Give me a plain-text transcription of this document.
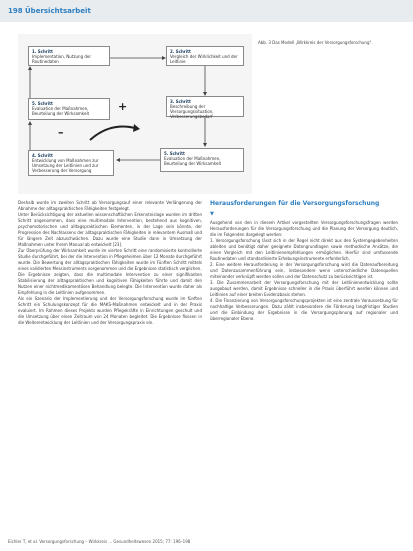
198 Übersichtsarbeit
1. Schritt
Implementation, Nutzung der Routinedaten
2. Schritt
Vergleich der Wirklichkeit und der Leitlinie
3. Schritt
Beschreibung der Versorgungssituation, Verbesserungsbedarf
5. Schritt
Evaluation der Maßnahmen, Beurteilung der Wirksamkeit
4. Schritt
Entwicklung von Maßnahmen zur Umsetzung der Leitlinien und zur Verbesserung der Versorgung
5. Schritt
Evaluation der Maßnahmen, Beurteilung der Wirksamkeit
+
–
Abb. 3 Das Modell „Wirkkreis der Versorgungsforschung".

Deshalb wurde im zweiten Schritt ab Versorgungsauf einer relevante Verlängerung der Abnahme der alltagspraktischen Fähigkeiten festgelegt.

Unter Berücksichtigung der aktuellen wissenschaftlichen Erkenntnislage wurden im dritten Schritt angenommen, dass eine multimodale Intervention, bestehend aus kognitiven, psychomotorischen und alltagspraktischen Elementen, in der Lage sein könnte, der Progression des Nachlassens der alltagspraktischen Fähigkeiten in relevantem Ausmaß und für längere Zeit abzuschwächen. Dazu wurde eine Studie dann in Umsetzung der Maßnahmen unter Ihrem Manual ab entwickelt [23].

Zur Überprüfung der Wirksamkeit wurde im vierten Schritt eine randomisierte kontrollierte Studie durchgeführt, bei der die Intervention in Pflegeheimen über 12 Monate durchgeführt wurde. Die Bewertung der alltagspraktischen Fähigkeiten wurde im Fünften Schritt mittels eines validierten Messinstruments vorgenommen und die Ergebnisse statistisch verglichen.

Die Ergebnisse zeigten, dass die multimodale Intervention zu einer signifikanten Stabilisierung der alltagspraktischen und kognitiven Fähigkeiten führte und damit den Nutzen einer nichtmedikamentösen Behandlung belegte. Die Intervention wurde daher als Empfehlung in die Leitlinien aufgenommen.

Als ein Szenario der Implementierung und der Versorgungsforschung wurde im fünften Schritt ein Schulungskonzept für die MAKS-Maßnahmen entwickelt und in der Praxis evaluiert. Im Rahmen dieses Projekts wurden Pflegekräfte in Einrichtungen geschult und die Umsetzung über einen Zeitraum von 24 Monaten begleitet. Die Ergebnisse flossen in die Weiterentwicklung der Leitlinien und der Versorgungspraxis ein.

Herausforderungen für die Versorgungsforschung
▼

Ausgehend von den in diesem Artikel vorgestellten Versorgungsforschungsfragen werden Herausforderungen für die Versorgungsforschung und die Planung der Versorgung deutlich, die im Folgenden dargelegt werden:

1. Versorgungsforschung lässt sich in der Regel nicht direkt aus den Systemgegebenheiten ableiten und benötigt daher geeignete Datengrundlagen sowie methodische Ansätze, die einen Vergleich mit den Leitlinienempfehlungen ermöglichen. Hierfür sind umfassende Routinedaten und standardisierte Erhebungsinstrumente erforderlich.

2. Eine weitere Herausforderung in der Versorgungsforschung wird die Datenaufbereitung und Datenzusammenführung sein, insbesondere wenn unterschiedliche Datenquellen miteinander verknüpft werden sollen und der Datenschutz zu berücksichtigen ist.

3. Die Zusammenarbeit der Versorgungsforschung mit der Leitlinienentwicklung sollte ausgebaut werden, damit Ergebnisse schneller in die Praxis überführt werden können und Leitlinien auf einer breiten Evidenzbasis stehen.

4. Die Finanzierung von Versorgungsforschungsprojekten ist eine zentrale Voraussetzung für nachhaltige Verbesserungen. Dazu zählt insbesondere die Förderung langfristiger Studien und die Einbindung der Ergebnisse in die Versorgungsplanung auf regionaler und überregionaler Ebene.

Eichler T, et al. Versorgungsforschung – Wirkkreis ... Gesundheitswesen 2015; 77: 196–198
